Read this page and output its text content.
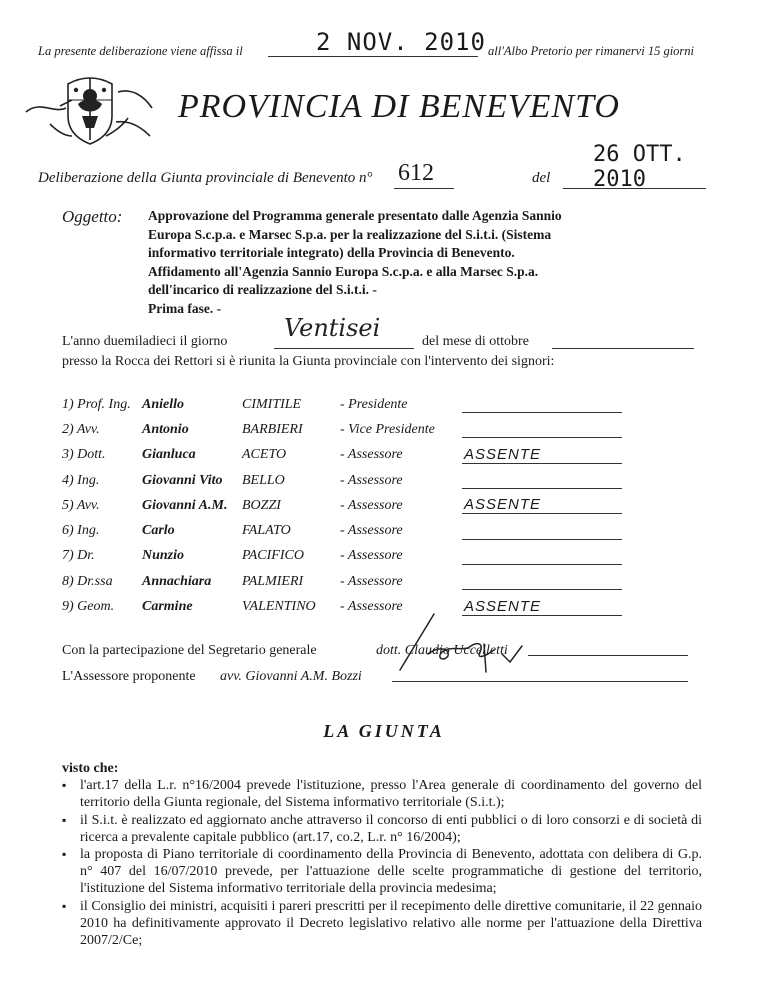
La presente deliberazione viene affissa il	2 NOV. 2010 all'Albo Pretorio per rimanervi 15 giorni
PROVINCIA DI BENEVENTO
Deliberazione della Giunta provinciale di Benevento n° 612	del
26 OTT. 2010
Oggetto: Approvazione del Programma generale presentato dalle Agenzia Sannio
Europa S.c.p.a. e Marsec S.p.a. per la realizzazione del S.i.t.i. (Sistema
informativo territoriale integrato) della Provincia di Benevento.
Affidamento all'Agenzia Sannio Europa S.c.p.a. e alla Marsec S.p.a.
dell'incarico di realizzazione del S.i.t.i. -
Prima fase. -
L'anno duemiladieci il giorno Ventisei	del mese di ottobre
presso la Rocca dei Rettori si è riunita la Giunta provinciale con l'intervento dei signori:
1) Prof. Ing.	Aniello	CIMITILE	- Presidente	

2) Avv.	Antonio	BARBIERI	- Vice Presidente	

3) Dott.	Gianluca	ACETO	- Assessore	ASSENTE

4) Ing.	Giovanni Vito	BELLO	- Assessore	

5) Avv.	Giovanni A.M.	BOZZI	- Assessore	ASSENTE

6) Ing.	Carlo	FALATO	- Assessore	

7) Dr.	Nunzio	PACIFICO	- Assessore	

8) Dr.ssa	Annachiara	PALMIERI	- Assessore	

9) Geom.	Carmine	VALENTINO	- Assessore	ASSENTE
Con la partecipazione del Segretario generale	dott. Claudio Uccelletti
L'Assessore proponente avv. Giovanni A.M. Bozzi
LA GIUNTA
visto che:
▪ l'art.17 della L.r. n°16/2004 prevede l'istituzione, presso l'Area generale di coordinamento del governo del territorio della Giunta regionale, del Sistema informativo territoriale (S.i.t.);
▪ il S.i.t. è realizzato ed aggiornato anche attraverso il concorso di enti pubblici o di loro consorzi e di società di ricerca a prevalente capitale pubblico (art.17, co.2, L.r. n° 16/2004);
▪ la proposta di Piano territoriale di coordinamento della Provincia di Benevento, adottata con delibera di G.p. n° 407 del 16/07/2010 prevede, per l'attuazione delle scelte programmatiche di gestione del territorio, l'istituzione del Sistema informativo territoriale della provincia medesima;
▪ il Consiglio dei ministri, acquisiti i pareri prescritti per il recepimento delle direttive comunitarie, il 22 gennaio 2010 ha definitivamente approvato il Decreto legislativo relativo alle norme per l'attuazione della Direttiva 2007/2/Ce;
